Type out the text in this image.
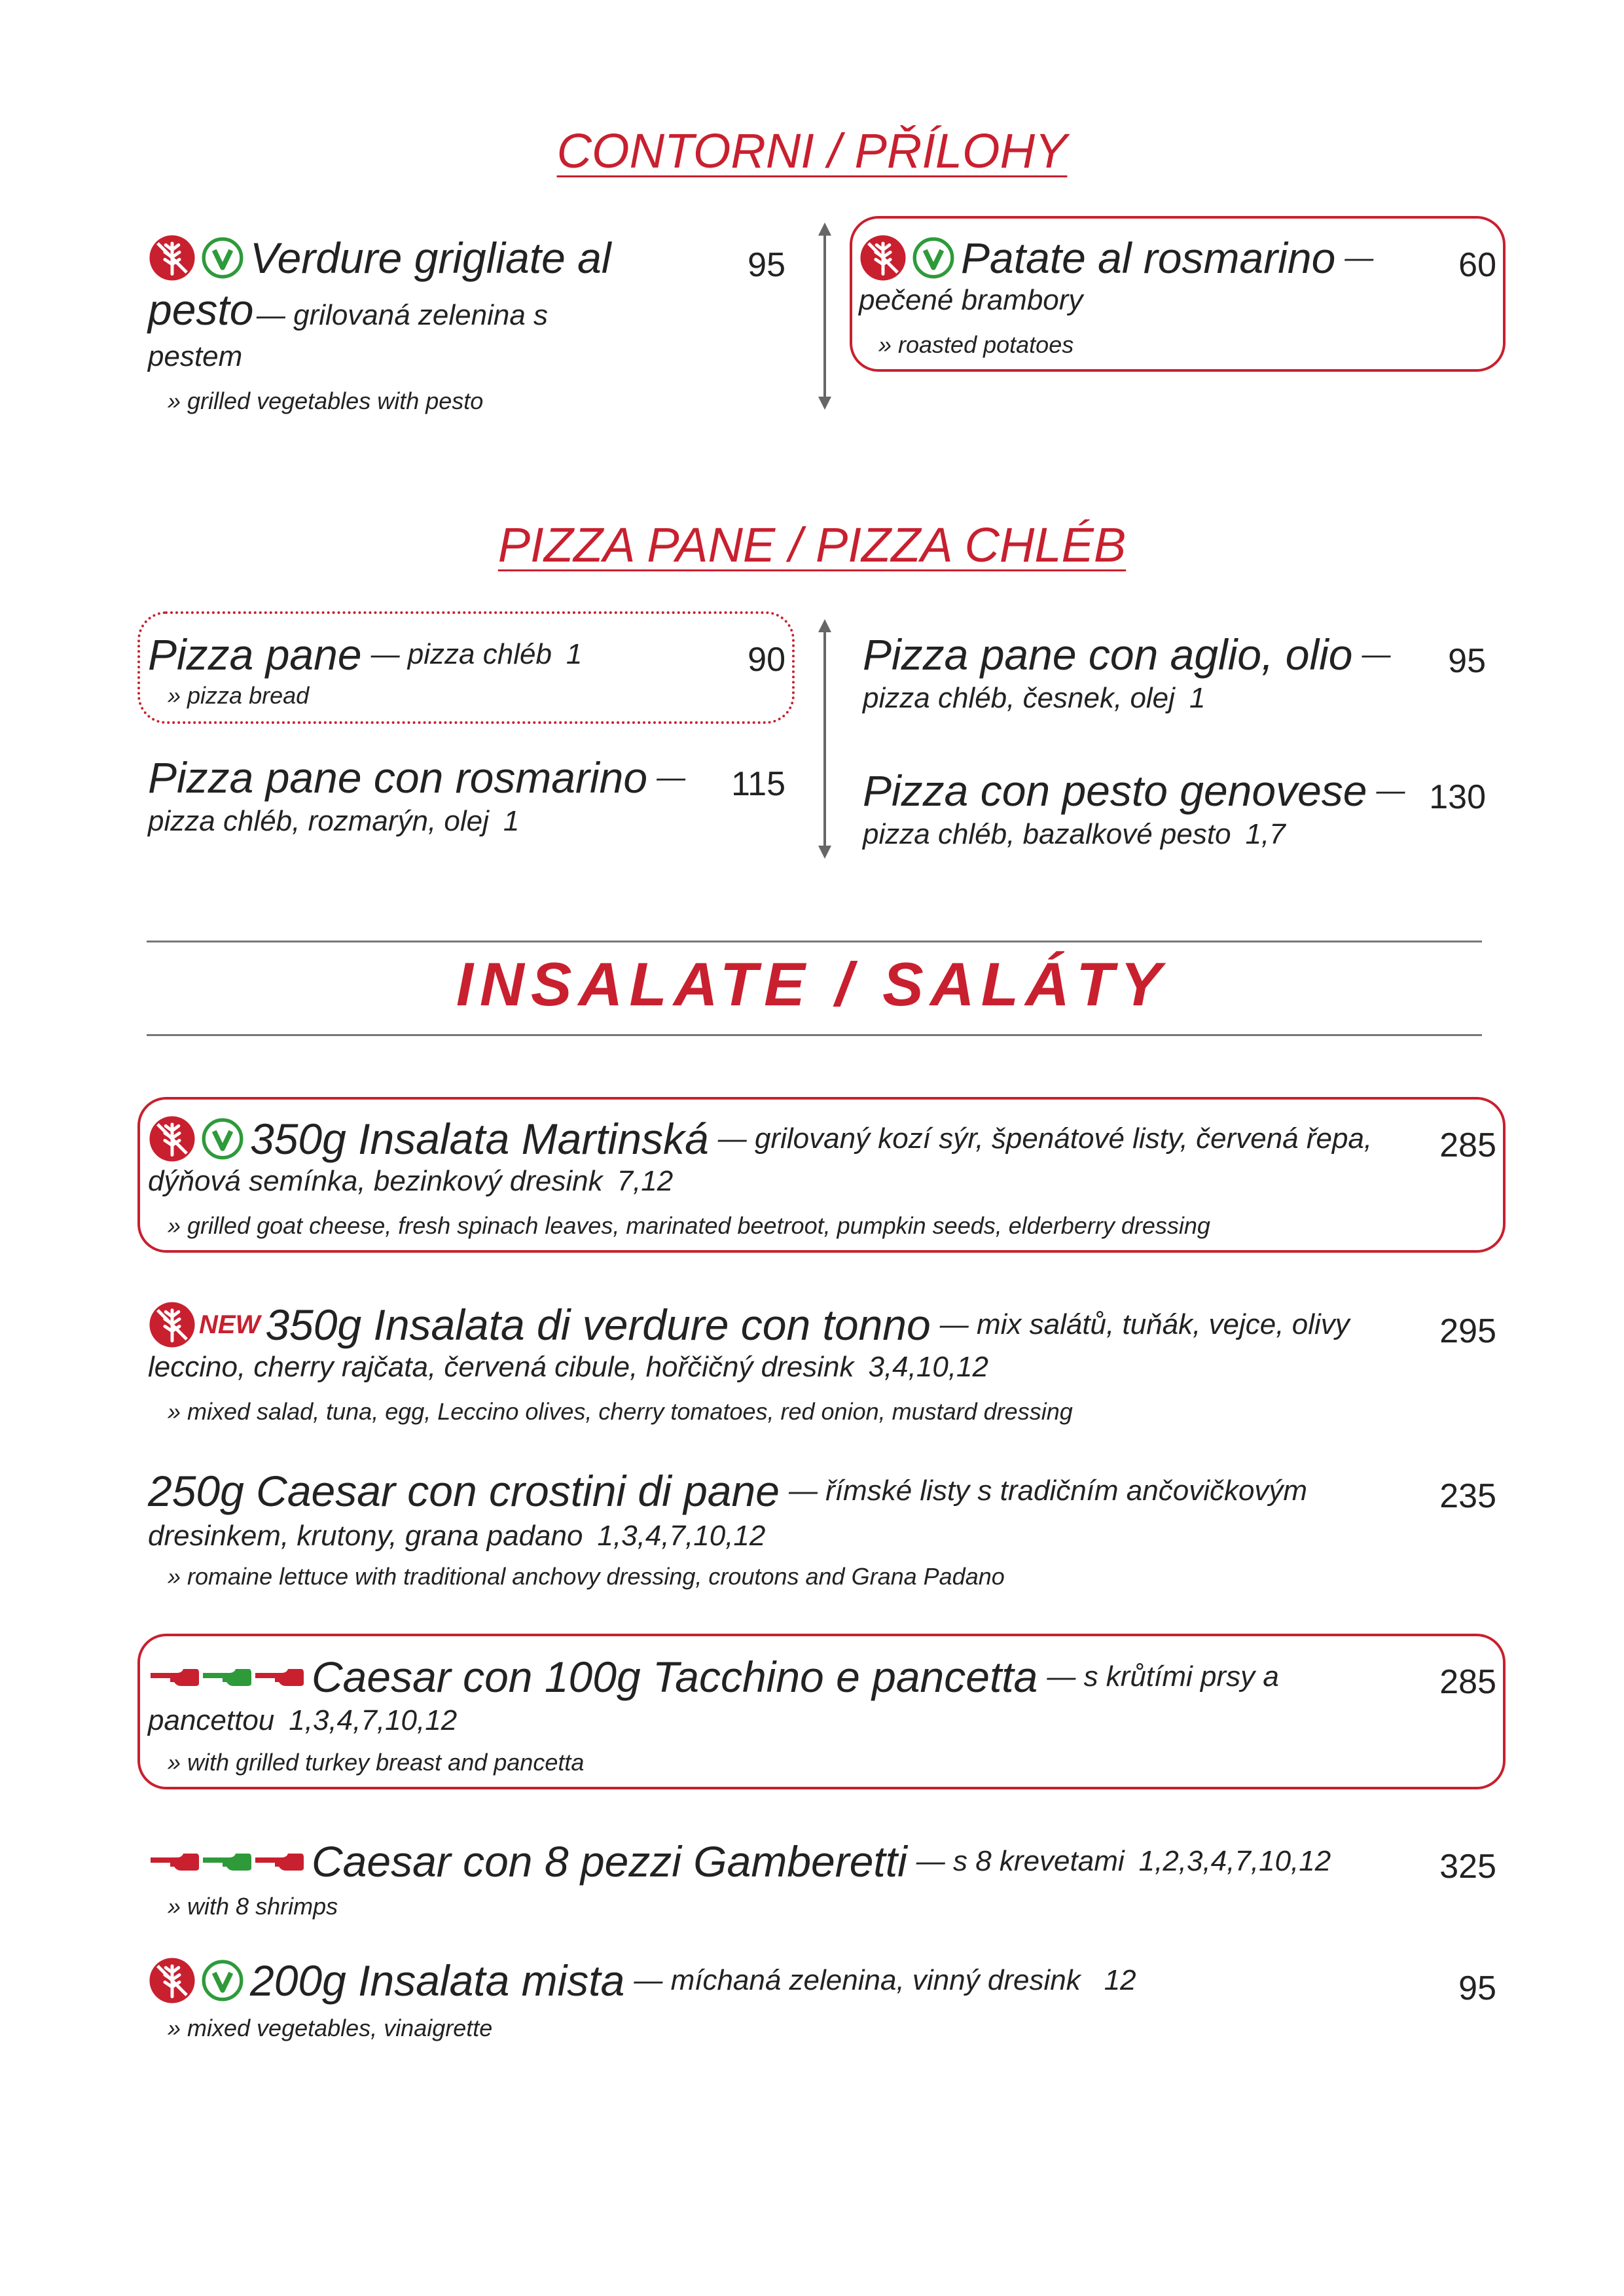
CONTORNI / PŘÍLOHY
Verdure grigliate al
pesto — grilovaná zelenina s
pestem
» grilled vegetables with pesto
95	Patate al rosmarino —
pečené brambory
» roasted potatoes
60
PIZZA PANE / PIZZA CHLÉB
Pizza pane — pizza chléb 1
» pizza bread
90
Pizza pane con rosmarino —
pizza chléb, rozmarýn, olej 1
115
Pizza pane con aglio, olio —
pizza chléb, česnek, olej 1
95
Pizza con pesto genovese —
pizza chléb, bazalkové pesto 1,7
130
INSALATE / SALÁTY
350g Insalata Martinská — grilovaný kozí sýr, špenátové listy, červená řepa,
dýňová semínka, bezinkový dresink 7,12
» grilled goat cheese, fresh spinach leaves, marinated beetroot, pumpkin seeds, elderberry dressing
285
NEW 350g Insalata di verdure con tonno — mix salátů, tuňák, vejce, olivy
leccino, cherry rajčata, červená cibule, hořčičný dresink 3,4,10,12
» mixed salad, tuna, egg, Leccino olives, cherry tomatoes, red onion, mustard dressing
295
250g Caesar con crostini di pane — římské listy s tradičním ančovičkovým
dresinkem, krutony, grana padano 1,3,4,7,10,12
» romaine lettuce with traditional anchovy dressing, croutons and Grana Padano
235
Caesar con 100g Tacchino e pancetta — s krůtími prsy a
pancettou 1,3,4,7,10,12
» with grilled turkey breast and pancetta
285
Caesar con 8 pezzi Gamberetti — s 8 krevetami 1,2,3,4,7,10,12
» with 8 shrimps
325
200g Insalata mista — míchaná zelenina, vinný dresink 12
» mixed vegetables, vinaigrette
95
